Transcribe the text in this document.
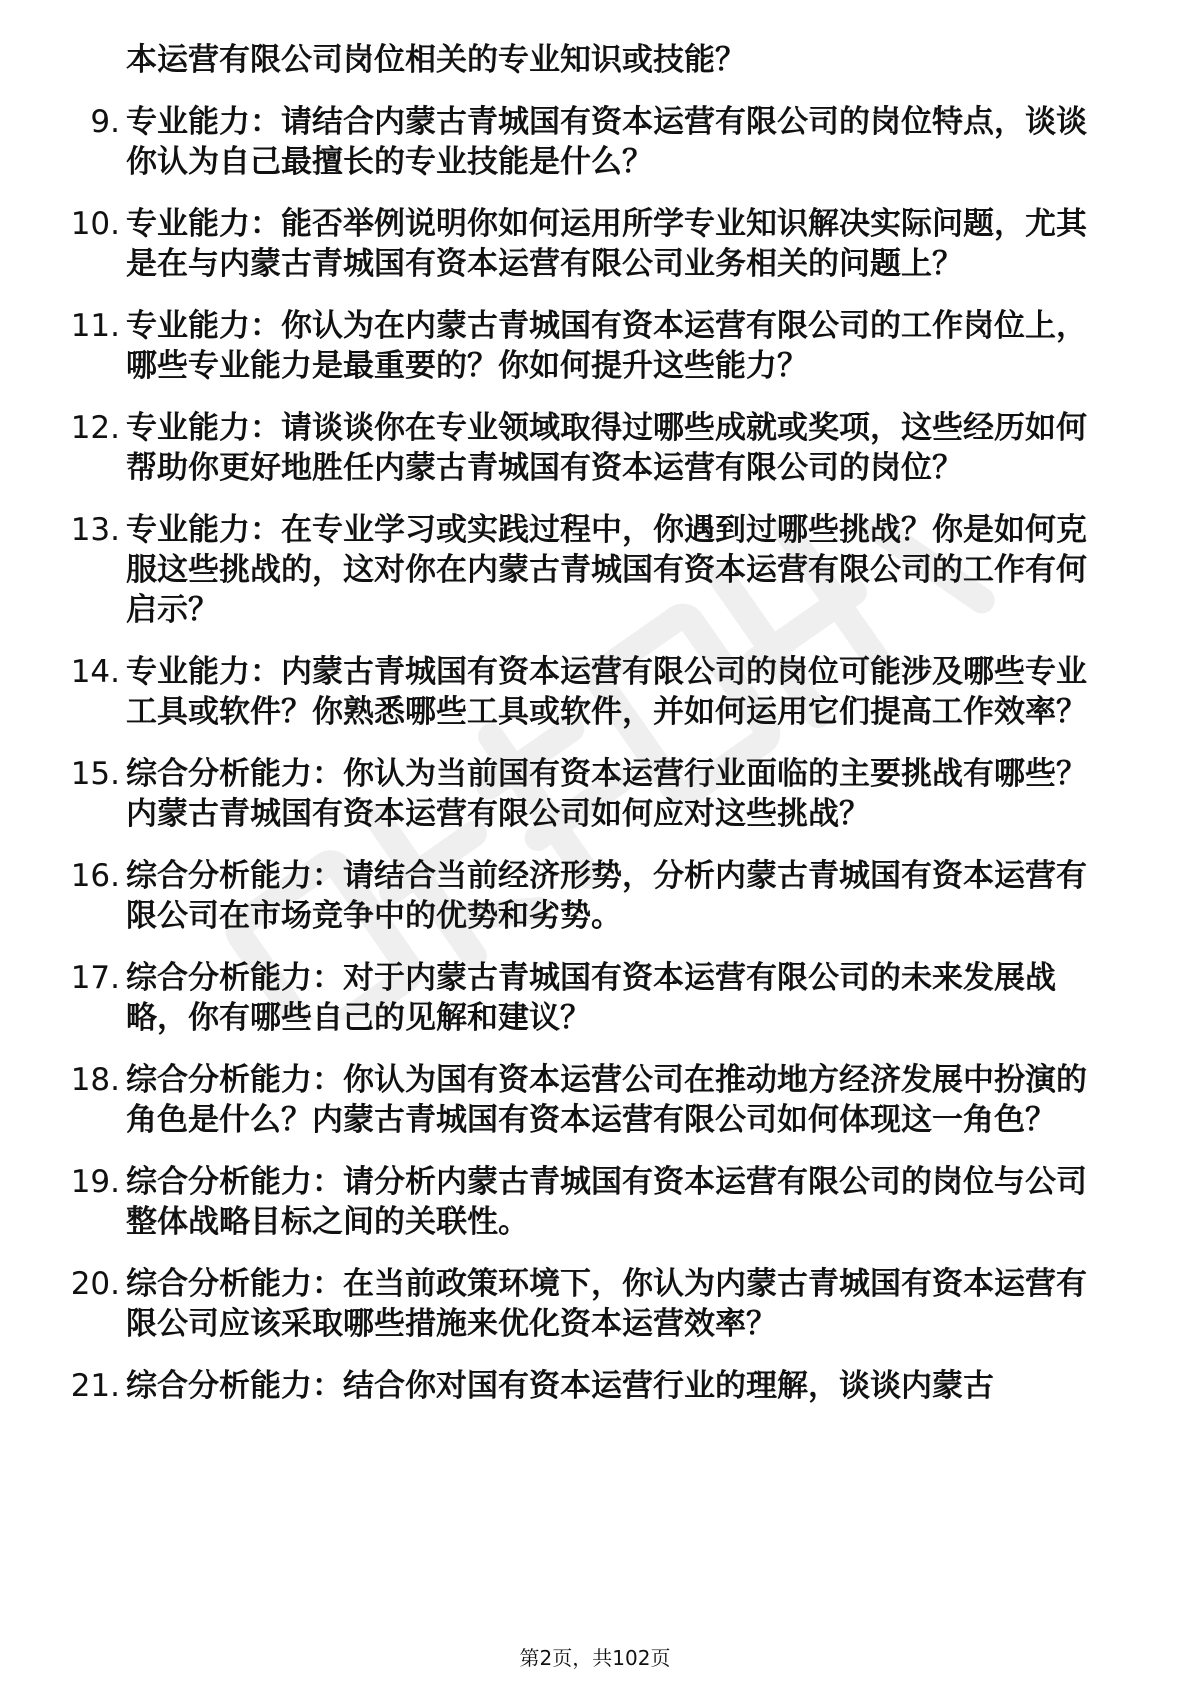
本运营有限公司岗位相关的专业知识或技能？

9. 专业能力：请结合内蒙古青城国有资本运营有限公司的岗位特点，谈谈你认为自己最擅长的专业技能是什么？
10. 专业能力：能否举例说明你如何运用所学专业知识解决实际问题，尤其是在与内蒙古青城国有资本运营有限公司业务相关的问题上？
11. 专业能力：你认为在内蒙古青城国有资本运营有限公司的工作岗位上，哪些专业能力是最重要的？你如何提升这些能力？
12. 专业能力：请谈谈你在专业领域取得过哪些成就或奖项，这些经历如何帮助你更好地胜任内蒙古青城国有资本运营有限公司的岗位？
13. 专业能力：在专业学习或实践过程中，你遇到过哪些挑战？你是如何克服这些挑战的，这对你在内蒙古青城国有资本运营有限公司的工作有何启示？
14. 专业能力：内蒙古青城国有资本运营有限公司的岗位可能涉及哪些专业工具或软件？你熟悉哪些工具或软件，并如何运用它们提高工作效率？
15. 综合分析能力：你认为当前国有资本运营行业面临的主要挑战有哪些？内蒙古青城国有资本运营有限公司如何应对这些挑战？
16. 综合分析能力：请结合当前经济形势，分析内蒙古青城国有资本运营有限公司在市场竞争中的优势和劣势。
17. 综合分析能力：对于内蒙古青城国有资本运营有限公司的未来发展战略，你有哪些自己的见解和建议？
18. 综合分析能力：你认为国有资本运营公司在推动地方经济发展中扮演的角色是什么？内蒙古青城国有资本运营有限公司如何体现这一角色？
19. 综合分析能力：请分析内蒙古青城国有资本运营有限公司的岗位与公司整体战略目标之间的关联性。
20. 综合分析能力：在当前政策环境下，你认为内蒙古青城国有资本运营有限公司应该采取哪些措施来优化资本运营效率？
21. 综合分析能力：结合你对国有资本运营行业的理解，谈谈内蒙古
第2页，共102页
